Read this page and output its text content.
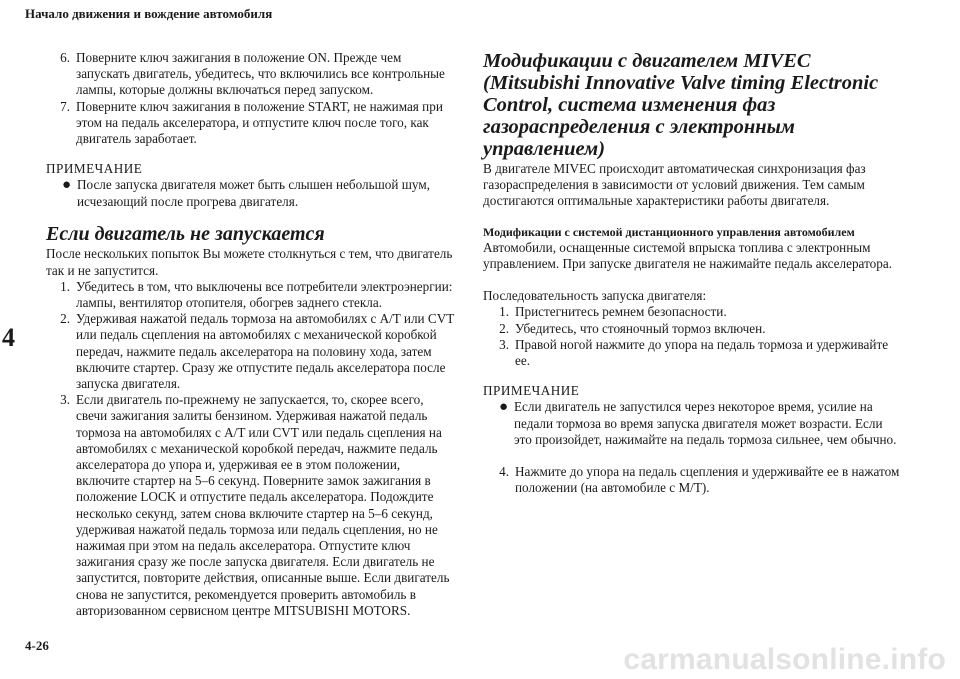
Начало движения и вождение автомобиля
4
6. Поверните ключ зажигания в положение ON. Прежде чем запускать двигатель, убедитесь, что включились все контрольные лампы, которые должны включаться перед запуском.
7. Поверните ключ зажигания в положение START, не нажимая при этом на педаль акселератора, и отпустите ключ после того, как двигатель заработает.
ПРИМЕЧАНИЕ
● После запуска двигателя может быть слышен небольшой шум, исчезающий после прогрева двигателя.
Если двигатель не запускается
После нескольких попыток Вы можете столкнуться с тем, что двигатель так и не запустится.
1. Убедитесь в том, что выключены все потребители электроэнергии: лампы, вентилятор отопителя, обогрев заднего стекла.
2. Удерживая нажатой педаль тормоза на автомобилях с A/T или CVT или педаль сцепления на автомобилях с механической коробкой передач, нажмите педаль акселератора на половину хода, затем включите стартер. Сразу же отпустите педаль акселератора после запуска двигателя.
3. Если двигатель по-прежнему не запускается, то, скорее всего, свечи зажигания залиты бензином. Удерживая нажатой педаль тормоза на автомобилях с A/T или CVT или педаль сцепления на автомобилях с механической коробкой передач, нажмите педаль акселератора до упора и, удерживая ее в этом положении, включите стартер на 5–6 секунд. Поверните замок зажигания в положение LOCK и отпустите педаль акселератора. Подождите несколько секунд, затем снова включите стартер на 5–6 секунд, удерживая нажатой педаль тормоза или педаль сцепления, но не нажимая при этом на педаль акселератора. Отпустите ключ зажигания сразу же после запуска двигателя. Если двигатель не запустится, повторите действия, описанные выше. Если двигатель снова не запустится, рекомендуется проверить автомобиль в авторизованном сервисном центре MITSUBISHI MOTORS.
Модификации с двигателем MIVEC (Mitsubishi Innovative Valve timing Electronic Control, система изменения фаз газораспределения с электронным управлением)
В двигателе MIVEC происходит автоматическая синхронизация фаз газораспределения в зависимости от условий движения. Тем самым достигаются оптимальные характеристики работы двигателя.
Модификации с системой дистанционного управления автомобилем
Автомобили, оснащенные системой впрыска топлива с электронным управлением. При запуске двигателя не нажимайте педаль акселератора.
Последовательность запуска двигателя:
1. Пристегнитесь ремнем безопасности.
2. Убедитесь, что стояночный тормоз включен.
3. Правой ногой нажмите до упора на педаль тормоза и удерживайте ее.
ПРИМЕЧАНИЕ
● Если двигатель не запустился через некоторое время, усилие на педали тормоза во время запуска двигателя может возрасти. Если это произойдет, нажимайте на педаль тормоза сильнее, чем обычно.
4. Нажмите до упора на педаль сцепления и удерживайте ее в нажатом положении (на автомобиле с M/T).
4-26	carmanualsonline.info
